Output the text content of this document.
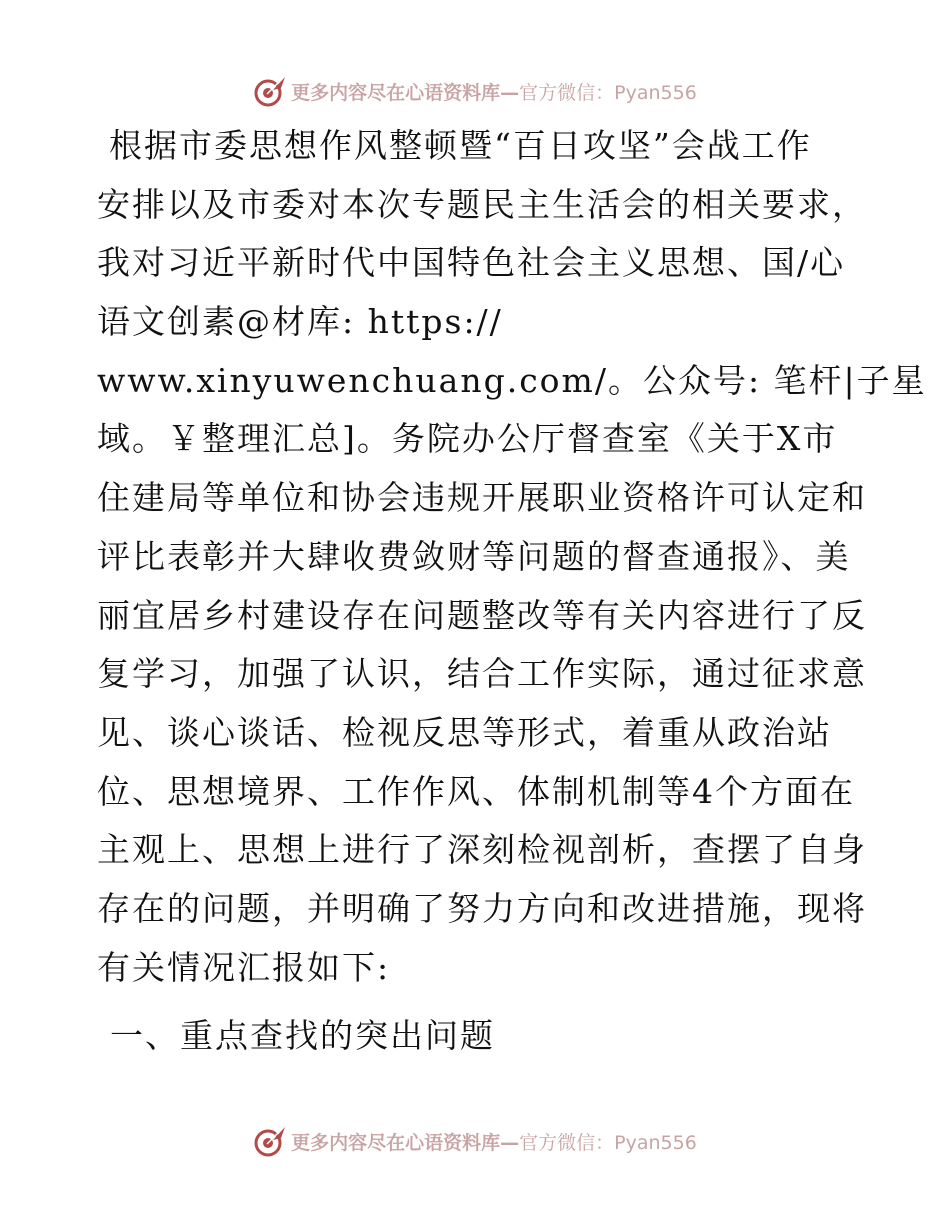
更多内容尽在心语资料库—官方微信：Pyan556
根据市委思想作风整顿暨“百日攻坚”会战工作
安排以及市委对本次专题民主生活会的相关要求，
我对习近平新时代中国特色社会主义思想、国/心
语文创素@材库: https://
www.xinyuwenchuang.com/。公众号: 笔杆|子星
域。￥整理汇总]。务院办公厅督查室《关于X市
住建局等单位和协会违规开展职业资格许可认定和
评比表彰并大肆收费敛财等问题的督查通报》、美
丽宜居乡村建设存在问题整改等有关内容进行了反
复学习，加强了认识，结合工作实际，通过征求意
见、谈心谈话、检视反思等形式，着重从政治站
位、思想境界、工作作风、体制机制等4个方面在
主观上、思想上进行了深刻检视剖析，查摆了自身
存在的问题，并明确了努力方向和改进措施，现将
有关情况汇报如下:
一、重点查找的突出问题
更多内容尽在心语资料库—官方微信：Pyan556
